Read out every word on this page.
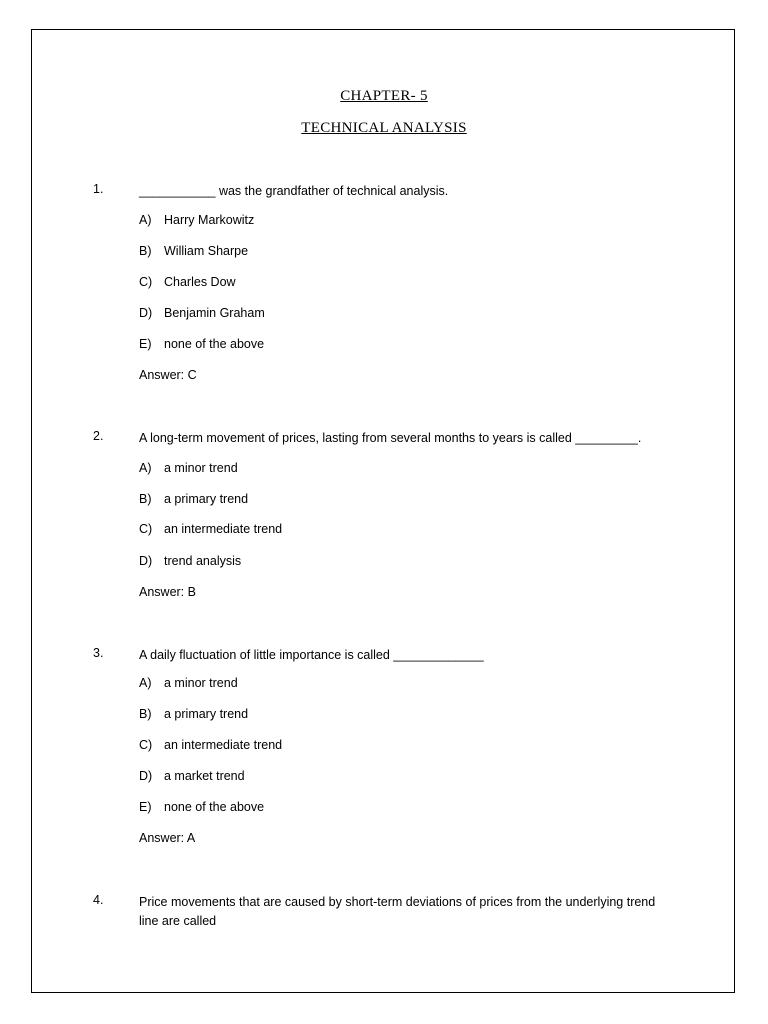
CHAPTER- 5
TECHNICAL ANALYSIS
1.	___________ was the grandfather of technical analysis.
A) Harry Markowitz
B) William Sharpe
C) Charles Dow
D) Benjamin Graham
E) none of the above
Answer: C
2.	A long-term movement of prices, lasting from several months to years is called _________.
A) a minor trend
B) a primary trend
C) an intermediate trend
D) trend analysis
Answer: B
3.	A daily fluctuation of little importance is called _____________
A) a minor trend
B) a primary trend
C) an intermediate trend
D) a market trend
E) none of the above
Answer: A
4.	Price movements that are caused by short-term deviations of prices from the underlying trend line are called
